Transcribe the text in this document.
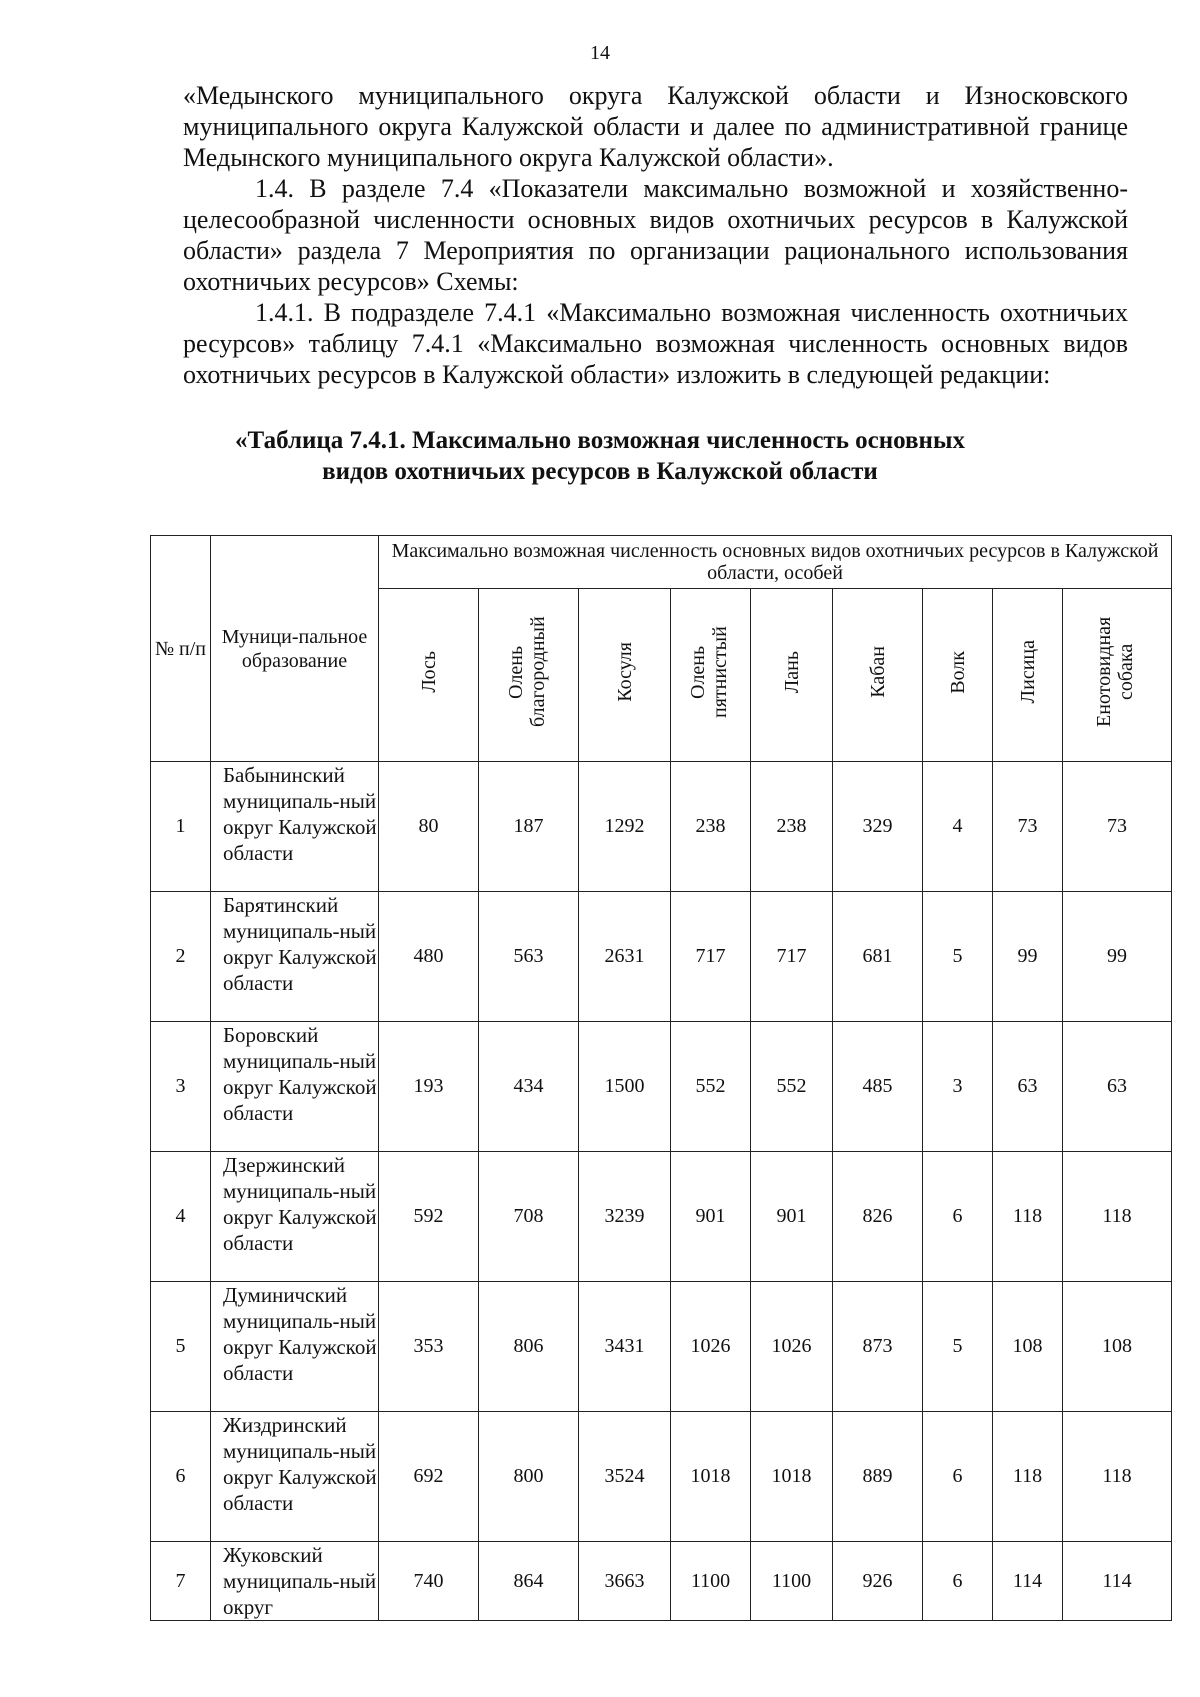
14

«Медынского муниципального округа Калужской области и Износковского муниципального округа Калужской области и далее по административной границе Медынского муниципального округа Калужской области».

1.4. В разделе 7.4 «Показатели максимально возможной и хозяйственно-целесообразной численности основных видов охотничьих ресурсов в Калужской области» раздела 7 Мероприятия по организации рационального использования охотничьих ресурсов» Схемы:

1.4.1. В подразделе 7.4.1 «Максимально возможная численность охотничьих ресурсов» таблицу 7.4.1 «Максимально возможная численность основных видов охотничьих ресурсов в Калужской области» изложить в следующей редакции:

«Таблица 7.4.1. Максимально возможная численность основных
видов охотничьих ресурсов в Калужской области
№ п/п	Муници-пальное образование	Максимально возможная численность основных видов охотничьих ресурсов в Калужской области, особей								
		Лось	Олень благородный	Косуля	Олень пятнистый	Лань	Кабан	Волк	Лисица	Енотовидная собака
1	Бабынинский муниципаль-ный округ Калужской области	80	187	1292	238	238	329	4	73	73
2	Барятинский муниципаль-ный округ Калужской области	480	563	2631	717	717	681	5	99	99
3	Боровский муниципаль-ный округ Калужской области	193	434	1500	552	552	485	3	63	63
4	Дзержинский муниципаль-ный округ Калужской области	592	708	3239	901	901	826	6	118	118
5	Думиничский муниципаль-ный округ Калужской области	353	806	3431	1026	1026	873	5	108	108
6	Жиздринский муниципаль-ный округ Калужской области	692	800	3524	1018	1018	889	6	118	118
7	Жуковский муниципаль-ный округ	740	864	3663	1100	1100	926	6	114	114
